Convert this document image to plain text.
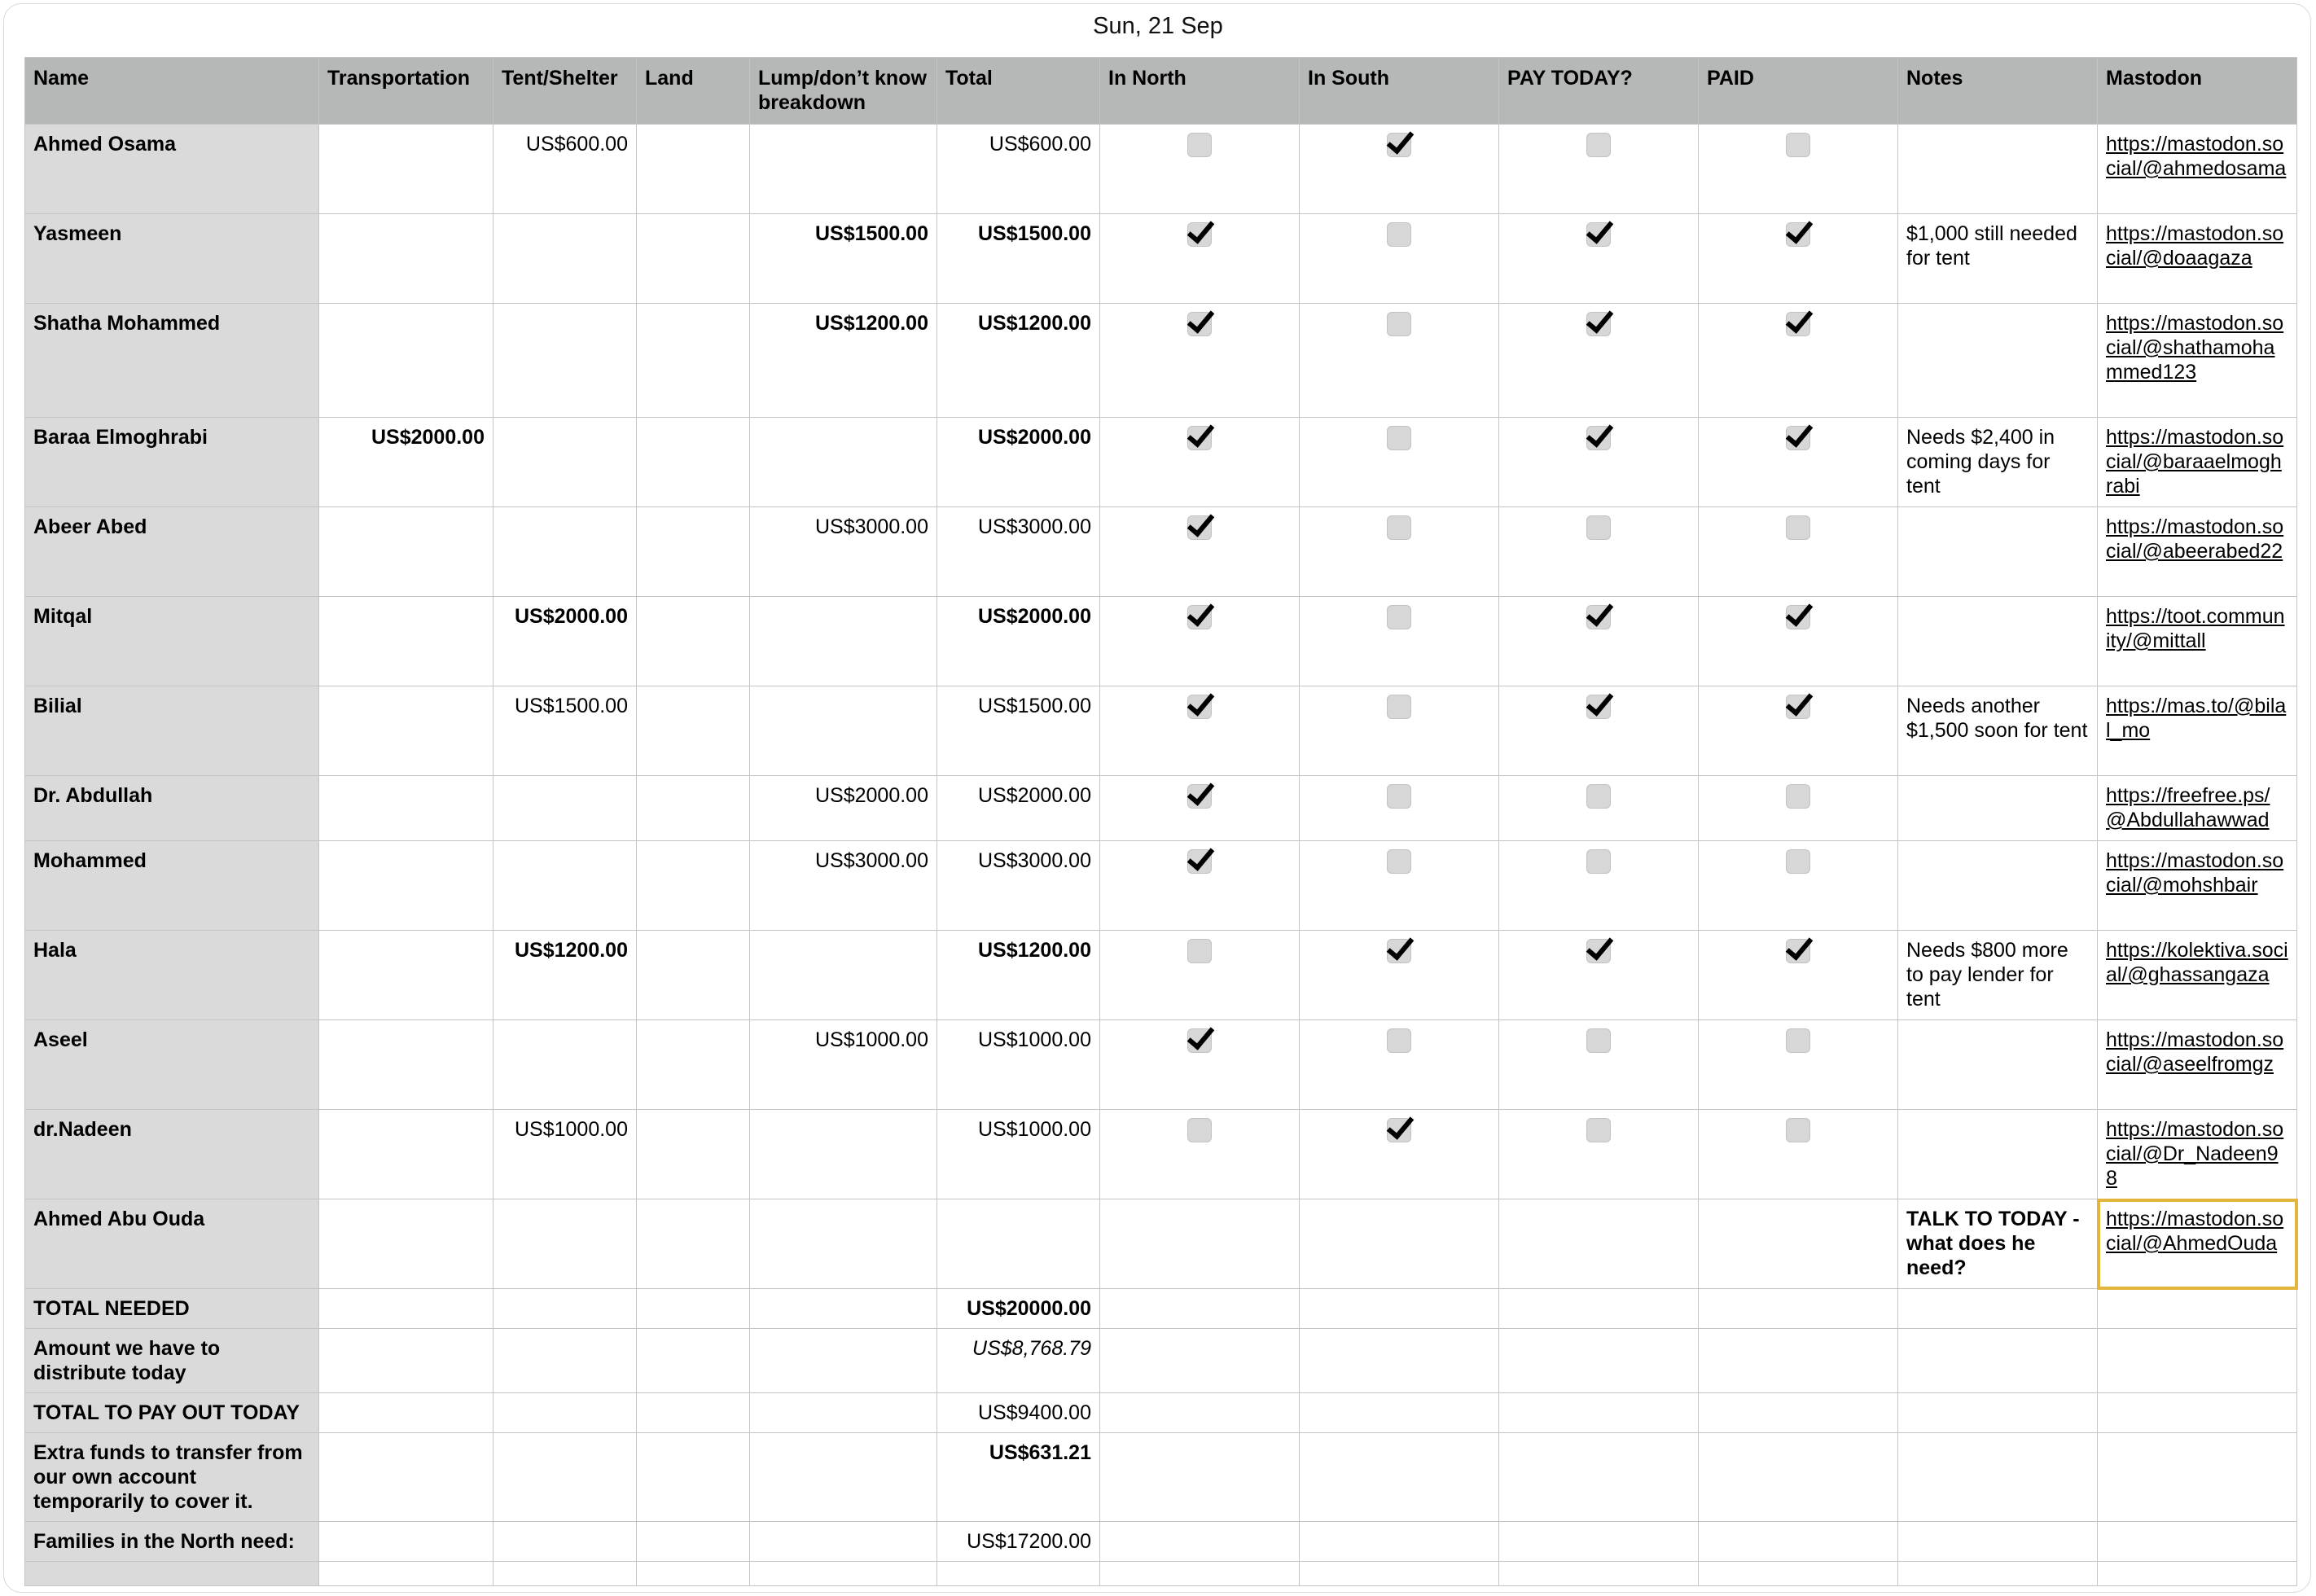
Sun, 21 Sep
Name	Transportation	Tent/Shelter	Land	Lump/don’t know breakdown	Total	In North	In South	PAY TODAY?	PAID	Notes	Mastodon
Ahmed Osama		US$600.00			US$600.00						https://mastodon.social/@ahmedosama
Yasmeen				US$1500.00	US$1500.00					$1,000 still needed for tent	https://mastodon.social/@doaagaza
Shatha Mohammed				US$1200.00	US$1200.00						https://mastodon.social/@shathamohammed123
Baraa Elmoghrabi	US$2000.00				US$2000.00					Needs $2,400 in coming days for tent	https://mastodon.social/@baraaelmoghrabi
Abeer Abed				US$3000.00	US$3000.00						https://mastodon.social/@abeerabed22
Mitqal		US$2000.00			US$2000.00						https://toot.community/@mittall
Bilial		US$1500.00			US$1500.00					Needs another $1,500 soon for tent	https://mas.to/@bilal_mo
Dr. Abdullah				US$2000.00	US$2000.00						https://freefree.ps/@Abdullahawwad
Mohammed				US$3000.00	US$3000.00						https://mastodon.social/@mohshbair
Hala		US$1200.00			US$1200.00					Needs $800 more to pay lender for tent	https://kolektiva.social/@ghassangaza
Aseel				US$1000.00	US$1000.00						https://mastodon.social/@aseelfromgz
dr.Nadeen		US$1000.00			US$1000.00						https://mastodon.social/@Dr_Nadeen98
Ahmed Abu Ouda										TALK TO TODAY - what does he need?	https://mastodon.social/@AhmedOuda
TOTAL NEEDED					US$20000.00						
Amount we have to distribute today					US$8,768.79						
TOTAL TO PAY OUT TODAY					US$9400.00						
Extra funds to transfer from our own account temporarily to cover it.					US$631.21						
Families in the North need:					US$17200.00						
